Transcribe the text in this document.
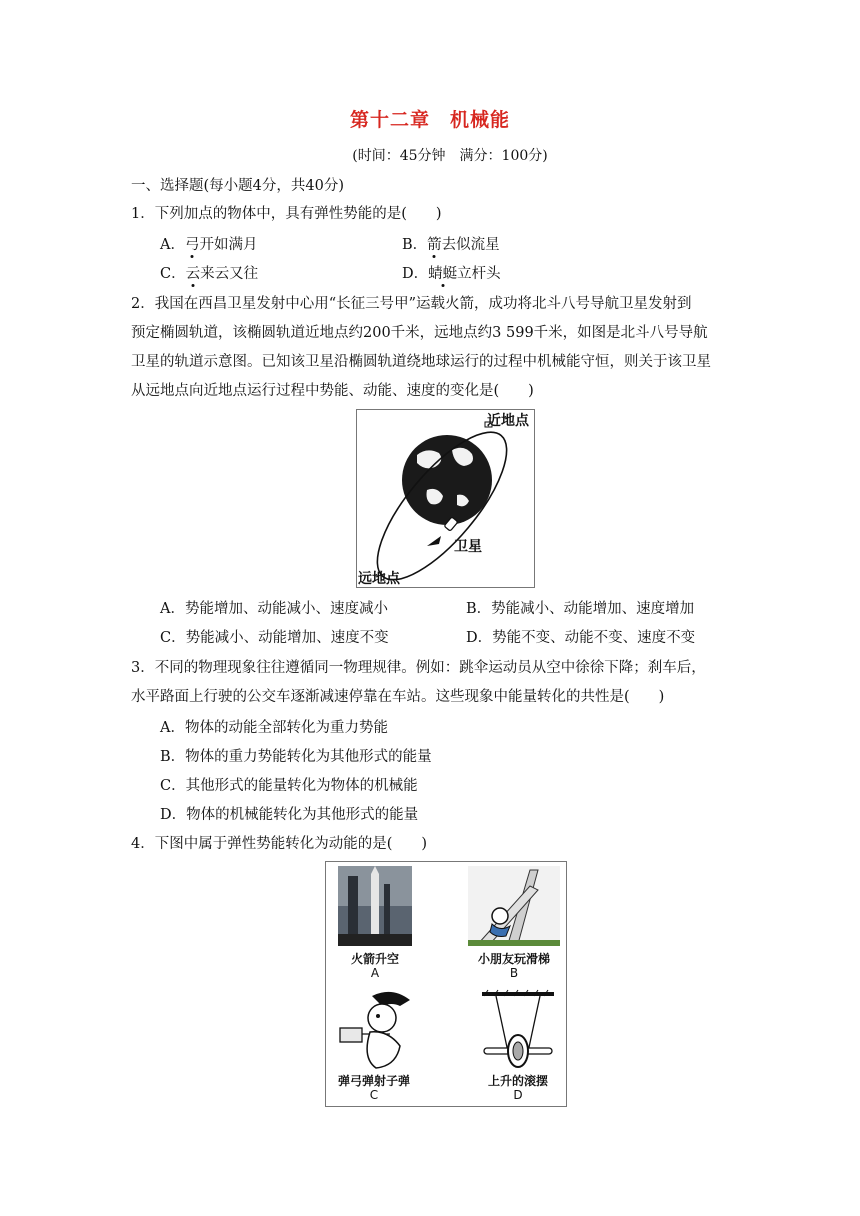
第十二章　机械能
(时间：45分钟　满分：100分)
一、选择题(每小题4分，共40分)
1．下列加点的物体中，具有弹性势能的是(　　)
A．弓开如满月	B．箭去似流星
C．云来云又往	D．蜻蜓立杆头
2．我国在西昌卫星发射中心用“长征三号甲”运载火箭，成功将北斗八号导航卫星发射到
预定椭圆轨道，该椭圆轨道近地点约200千米，远地点约3 599千米，如图是北斗八号导航
卫星的轨道示意图。已知该卫星沿椭圆轨道绕地球运行的过程中机械能守恒，则关于该卫星
从远地点向近地点运行过程中势能、动能、速度的变化是(　　)
近地点
卫星
远地点
A．势能增加、动能减小、速度减小	B．势能减小、动能增加、速度增加
C．势能减小、动能增加、速度不变	D．势能不变、动能不变、速度不变
3．不同的物理现象往往遵循同一物理规律。例如：跳伞运动员从空中徐徐下降；刹车后，
水平路面上行驶的公交车逐渐减速停靠在车站。这些现象中能量转化的共性是(　　)
A．物体的动能全部转化为重力势能
B．物体的重力势能转化为其他形式的能量
C．其他形式的能量转化为物体的机械能
D．物体的机械能转化为其他形式的能量
4．下图中属于弹性势能转化为动能的是(　　)
火箭升空
A
小朋友玩滑梯
B
弹弓弹射子弹
C
上升的滚摆
D
